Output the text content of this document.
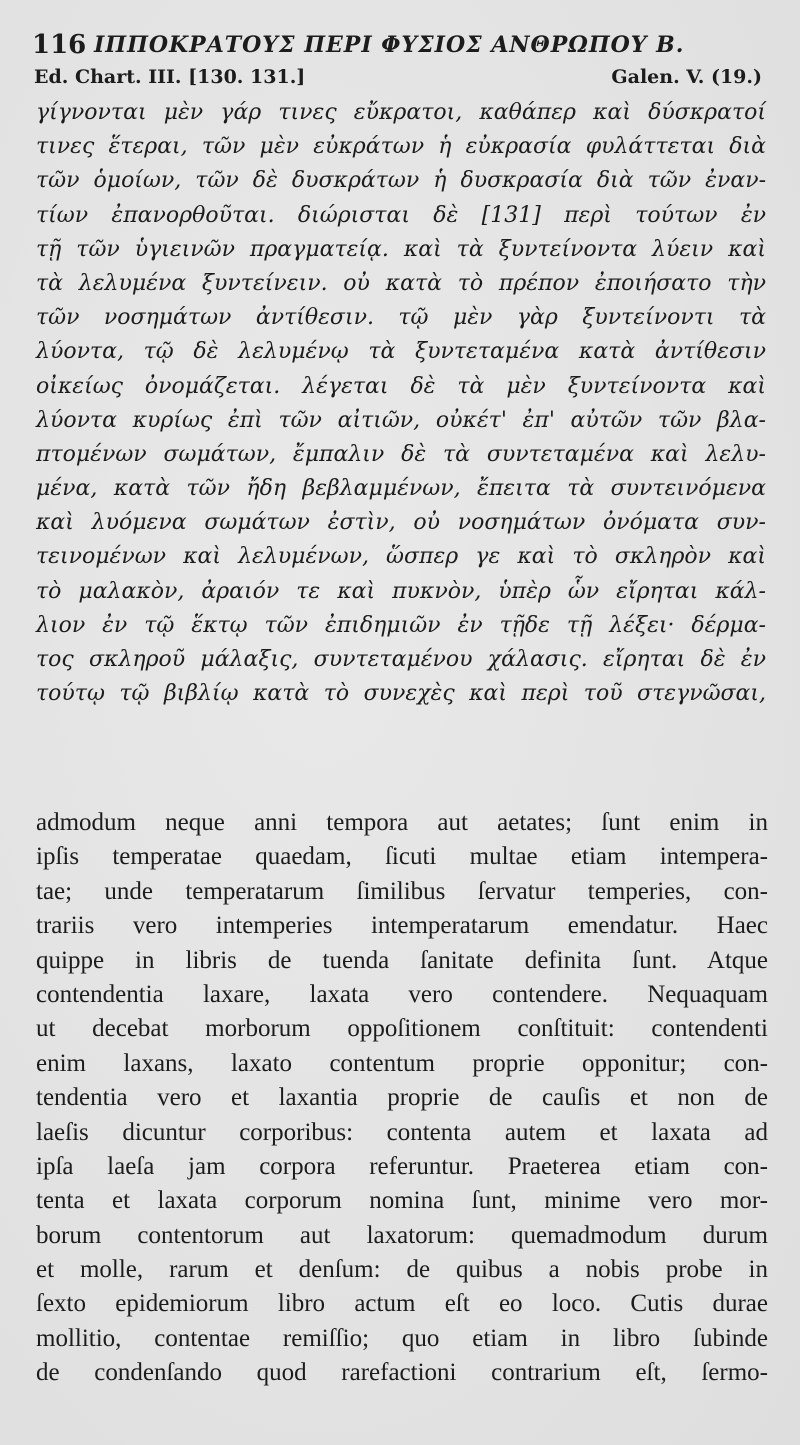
116 ΙΠΠΟΚΡΑΤΟΥΣ ΠΕΡΙ ΦΥΣΙΟΣ ΑΝΘΡΩΠΟΥ Β.
Ed. Chart. III. [130. 131.]	Galen. V. (19.)
γίγνονται μὲν γάρ τινες εὔκρατοι, καθάπερ καὶ δύσκρατοί
τινες ἕτεραι, τῶν μὲν εὐκράτων ἡ εὐκρασία φυλάττεται διὰ
τῶν ὁμοίων, τῶν δὲ δυσκράτων ἡ δυσκρασία διὰ τῶν ἐναν-
τίων ἐπανορθοῦται. διώρισται δὲ [131] περὶ τούτων ἐν
τῇ τῶν ὑγιεινῶν πραγματείᾳ. καὶ τὰ ξυντείνοντα λύειν καὶ
τὰ λελυμένα ξυντείνειν. οὐ κατὰ τὸ πρέπον ἐποιήσατο τὴν
τῶν νοσημάτων ἀντίθεσιν. τῷ μὲν γὰρ ξυντείνοντι τὰ
λύοντα, τῷ δὲ λελυμένῳ τὰ ξυντεταμένα κατὰ ἀντίθεσιν
οἰκείως ὀνομάζεται. λέγεται δὲ τὰ μὲν ξυντείνοντα καὶ
λύοντα κυρίως ἐπὶ τῶν αἰτιῶν, οὐκέτ' ἐπ' αὐτῶν τῶν βλα-
πτομένων σωμάτων, ἔμπαλιν δὲ τὰ συντεταμένα καὶ λελυ-
μένα, κατὰ τῶν ἤδη βεβλαμμένων, ἔπειτα τὰ συντεινόμενα
καὶ λυόμενα σωμάτων ἐστὶν, οὐ νοσημάτων ὀνόματα συν-
τεινομένων καὶ λελυμένων, ὥσπερ γε καὶ τὸ σκληρὸν καὶ
τὸ μαλακὸν, ἀραιόν τε καὶ πυκνὸν, ὑπὲρ ὧν εἴρηται κάλ-
λιον ἐν τῷ ἕκτῳ τῶν ἐπιδημιῶν ἐν τῇδε τῇ λέξει· δέρμα-
τος σκληροῦ μάλαξις, συντεταμένου χάλασις. εἴρηται δὲ ἐν
τούτῳ τῷ βιβλίῳ κατὰ τὸ συνεχὲς καὶ περὶ τοῦ στεγνῶσαι,
admodum neque anni tempora aut aetates; ſunt enim in
ipſis temperatae quaedam, ſicuti multae etiam intempera-
tae; unde temperatarum ſimilibus ſervatur temperies, con-
trariis vero intemperies intemperatarum emendatur. Haec
quippe in libris de tuenda ſanitate definita ſunt. Atque
contendentia laxare, laxata vero contendere. Nequaquam
ut decebat morborum oppoſitionem conſtituit: contendenti
enim laxans, laxato contentum proprie opponitur; con-
tendentia vero et laxantia proprie de cauſis et non de
laeſis dicuntur corporibus: contenta autem et laxata ad
ipſa laeſa jam corpora referuntur. Praeterea etiam con-
tenta et laxata corporum nomina ſunt, minime vero mor-
borum contentorum aut laxatorum: quemadmodum durum
et molle, rarum et denſum: de quibus a nobis probe in
ſexto epidemiorum libro actum eſt eo loco. Cutis durae
mollitio, contentae remiſſio; quo etiam in libro ſubinde
de condenſando quod rarefactioni contrarium eſt, ſermo-
